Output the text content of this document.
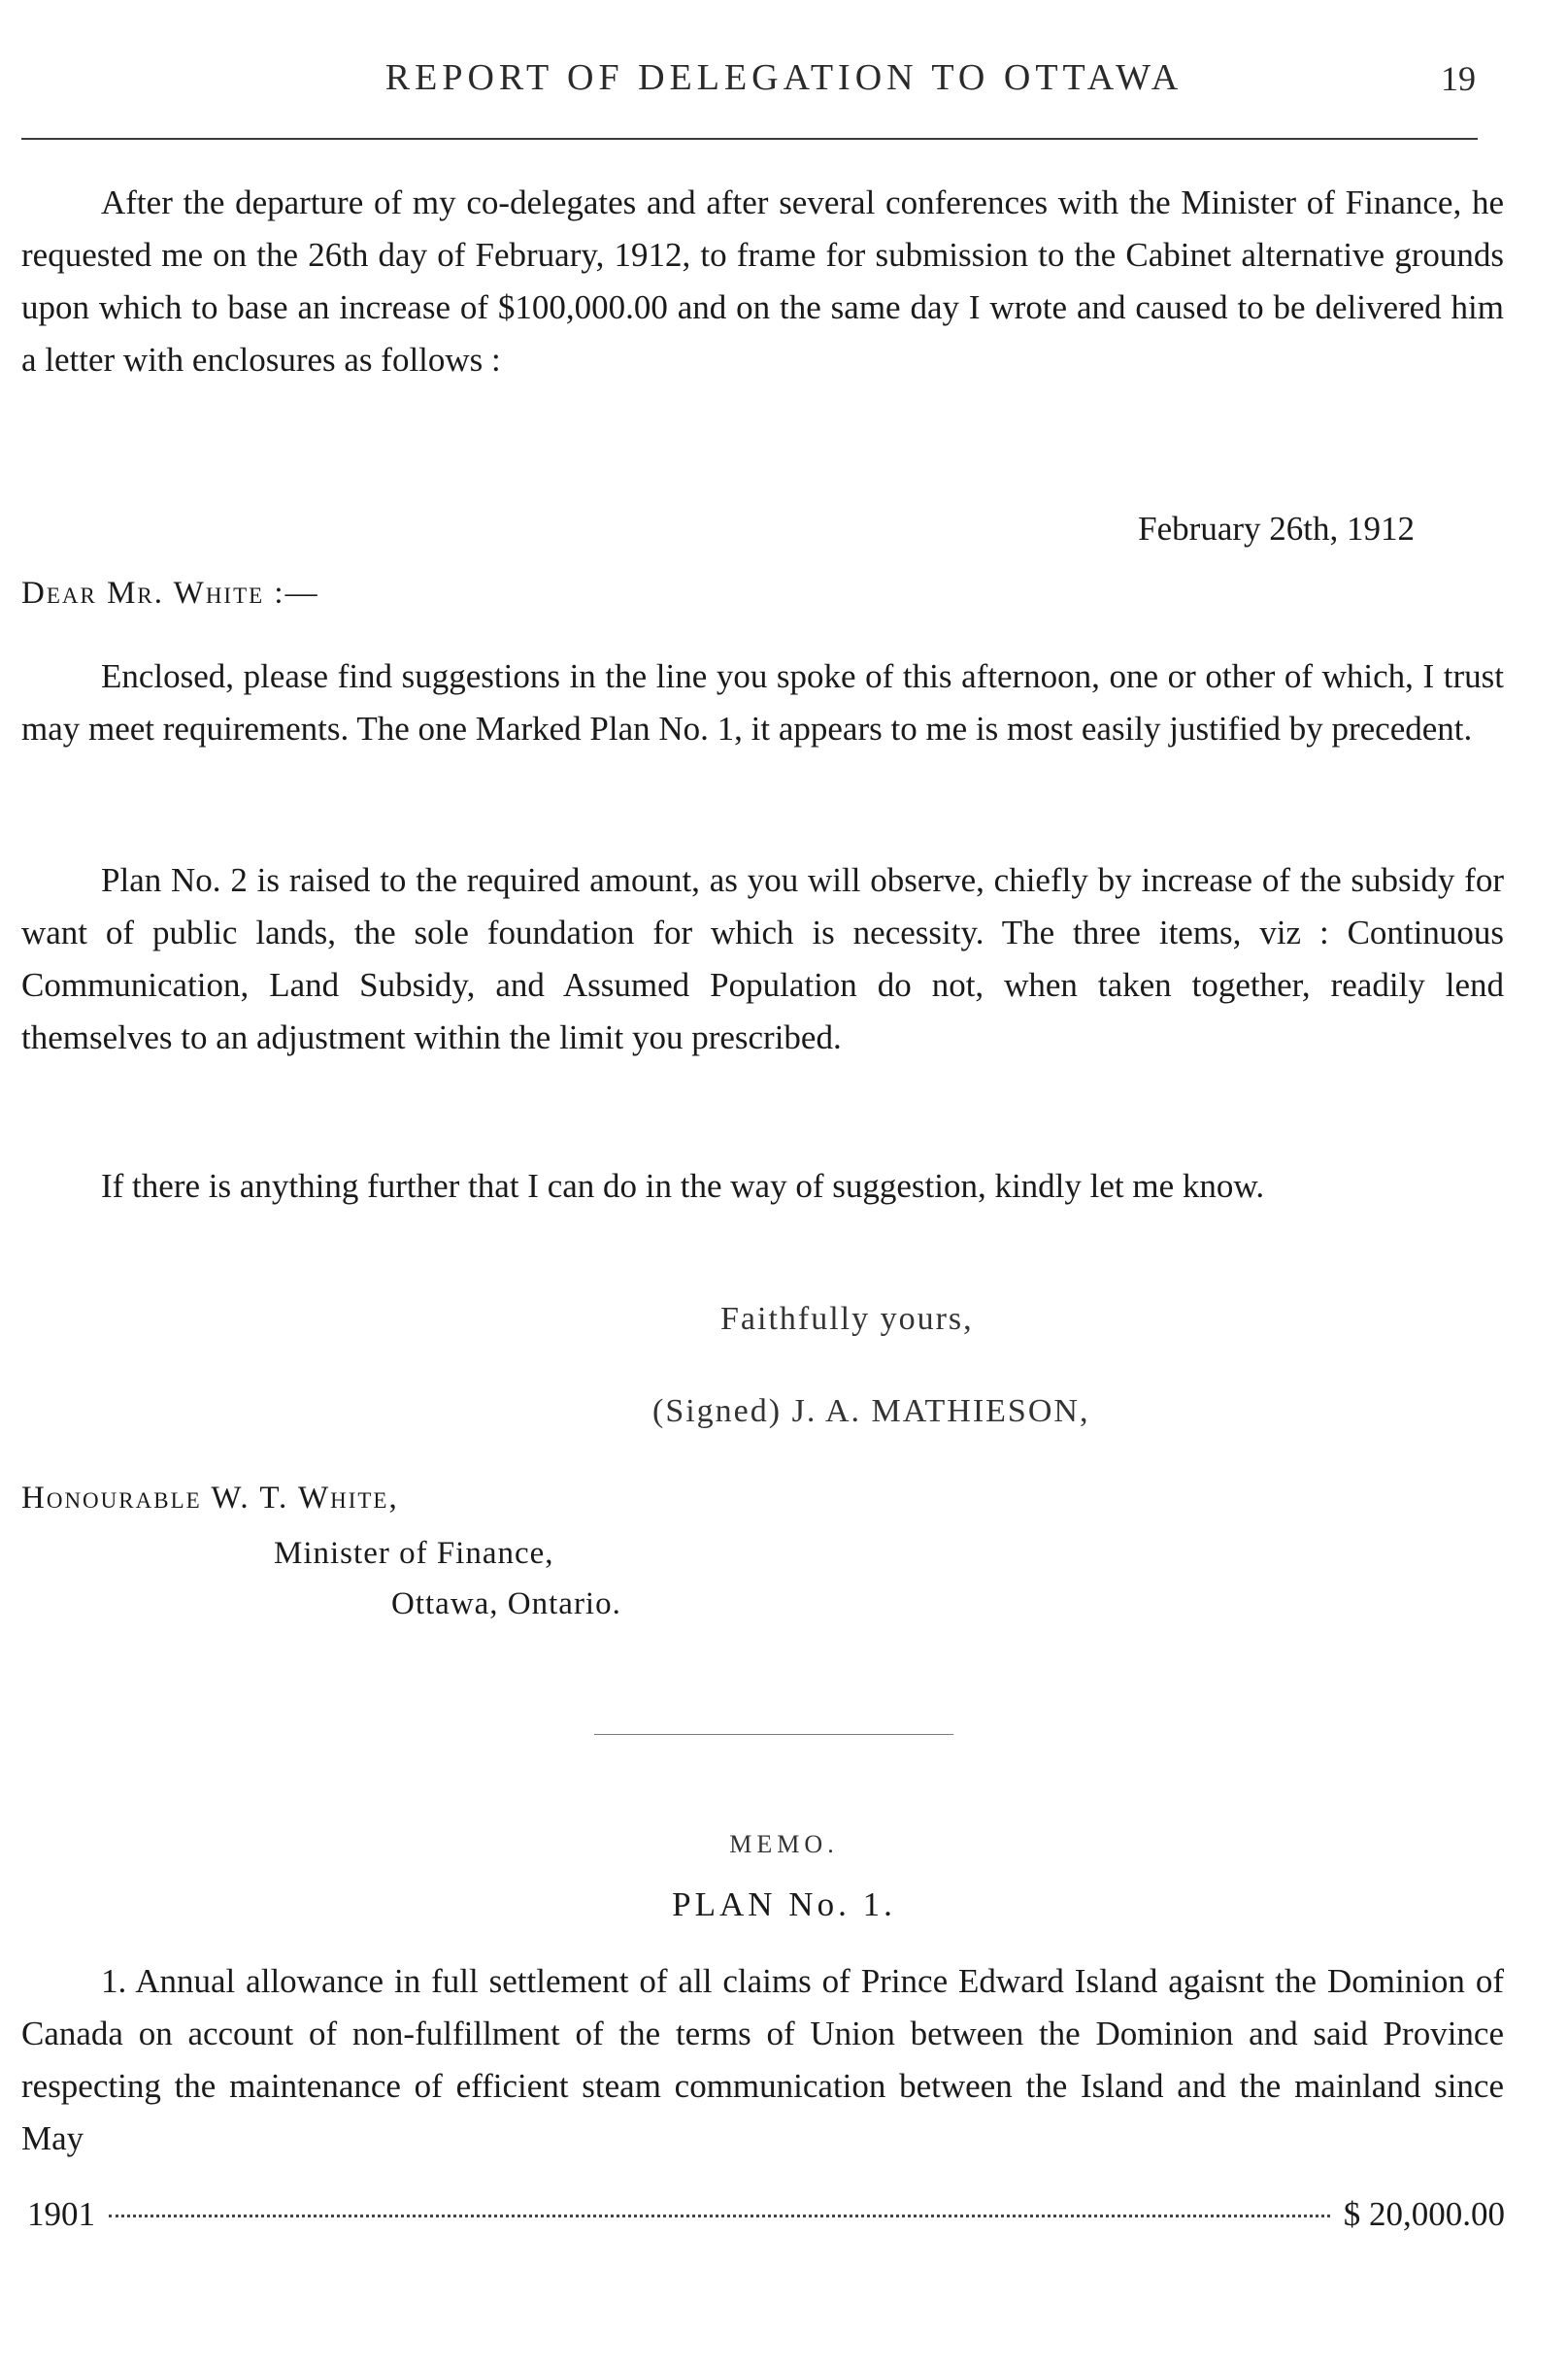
REPORT OF DELEGATION TO OTTAWA	19

After the departure of my co-delegates and after several conferences with the Minister of Finance, he requested me on the 26th day of February, 1912, to frame for submission to the Cabinet alternative grounds upon which to base an increase of $100,000.00 and on the same day I wrote and caused to be delivered him a letter with enclosures as follows :

February 26th, 1912
Dear Mr. White :—

Enclosed, please find suggestions in the line you spoke of this afternoon, one or other of which, I trust may meet requirements. The one Marked Plan No. 1, it appears to me is most easily justified by precedent.

Plan No. 2 is raised to the required amount, as you will observe, chiefly by increase of the subsidy for want of public lands, the sole foundation for which is necessity. The three items, viz : Continuous Communication, Land Subsidy, and Assumed Population do not, when taken together, readily lend themselves to an adjustment within the limit you prescribed.

If there is anything further that I can do in the way of suggestion, kindly let me know.

Faithfully yours,
(Signed) J. A. MATHIESON,
Honourable W. T. White,
Minister of Finance,
Ottawa, Ontario.
MEMO.
PLAN No. 1.

1. Annual allowance in full settlement of all claims of Prince Edward Island agaisnt the Dominion of Canada on account of non-fulfillment of the terms of Union between the Dominion and said Province respecting the maintenance of efficient steam communication between the Island and the mainland since May

1901	$ 20,000.00
